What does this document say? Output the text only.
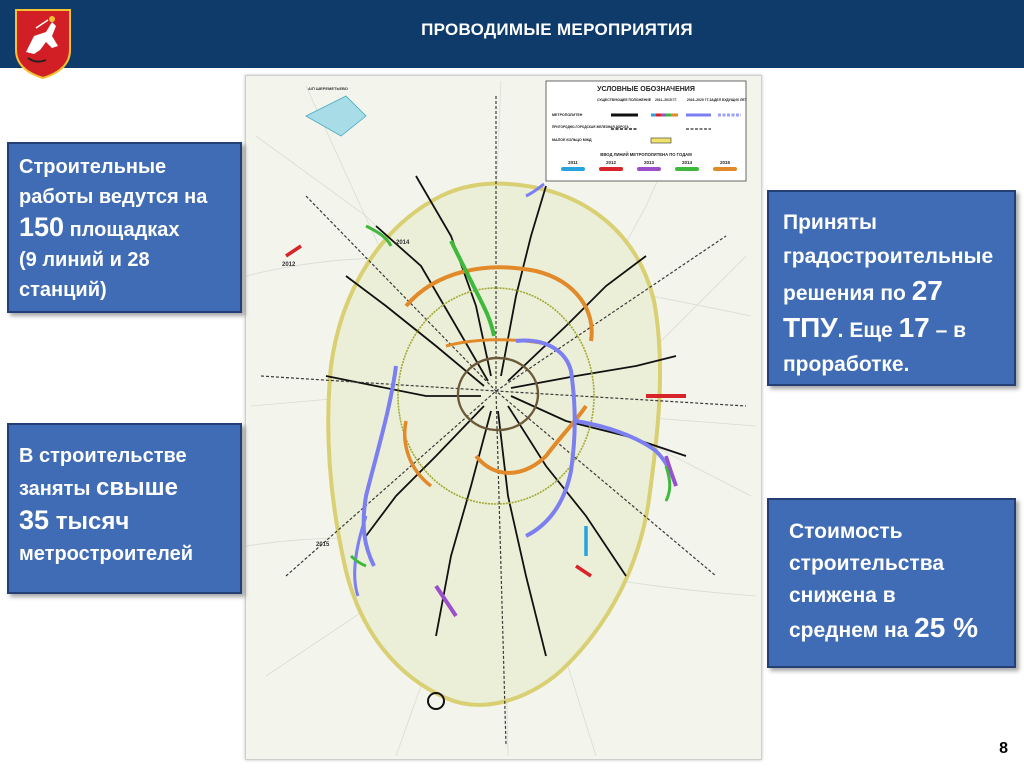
ПРОВОДИМЫЕ МЕРОПРИЯТИЯ
А/П ШЕРЕМЕТЬЕВО
2012
2014
2015
УСЛОВНЫЕ ОБОЗНАЧЕНИЯ
СУЩЕСТВУЮЩЕЕ ПОЛОЖЕНИЕ 2011–2015 ГГ.	2016–2020 ГГ. ЗАДЕЛ БУДУЩИХ ЛЕТ
МЕТРОПОЛИТЕН
ПРИГОРОДНО-ГОРОДСКАЯ ЖЕЛЕЗНАЯ ДОРОГА
МАЛОЕ КОЛЬЦО МЖД
ВВОД ЛИНИЙ МЕТРОПОЛИТЕНА ПО ГОДАМ
2011	2012	2013	2014	2015
Строительные
работы ведутся на
150 площадках
(9 линий и 28
станций)
В строительстве
заняты свыше
35 тысяч
метростроителей
Приняты
градостроительные
решения по 27
ТПУ. Еще 17 – в
проработке.
Стоимость
строительства
снижена в
среднем на 25 %
8
